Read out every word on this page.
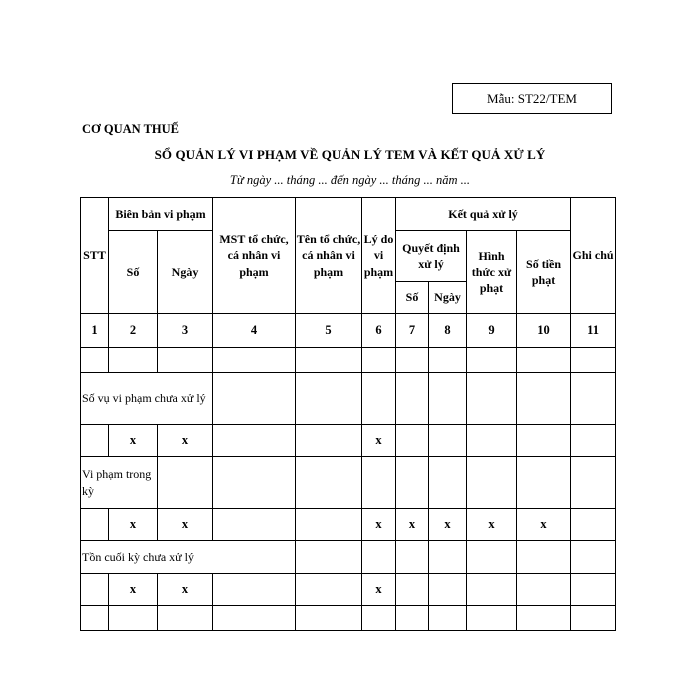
Mẫu: ST22/TEM
CƠ QUAN THUẾ
SỔ QUẢN LÝ VI PHẠM VỀ QUẢN LÝ TEM VÀ KẾT QUẢ XỬ LÝ
Từ ngày ... tháng ... đến ngày ... tháng ... năm ...
STT	Biên bản vi phạm		MST tổ chức, cá nhân vi phạm	Tên tổ chức, cá nhân vi phạm	Lý do vi phạm	Kết quả xử lý				Ghi chú
	Số	Ngày				Quyết định xử lý		Hình thức xử phạt	Số tiền phạt	
						Số	Ngày			
1	2	3	4	5	6	7	8	9	10	11

Số vụ vi phạm chưa xử lý										
	x	x			x					
Vi phạm trong kỳ										
	x	x			x	x	x	x	x	
Tồn cuối kỳ chưa xử lý										
	x	x			x					
